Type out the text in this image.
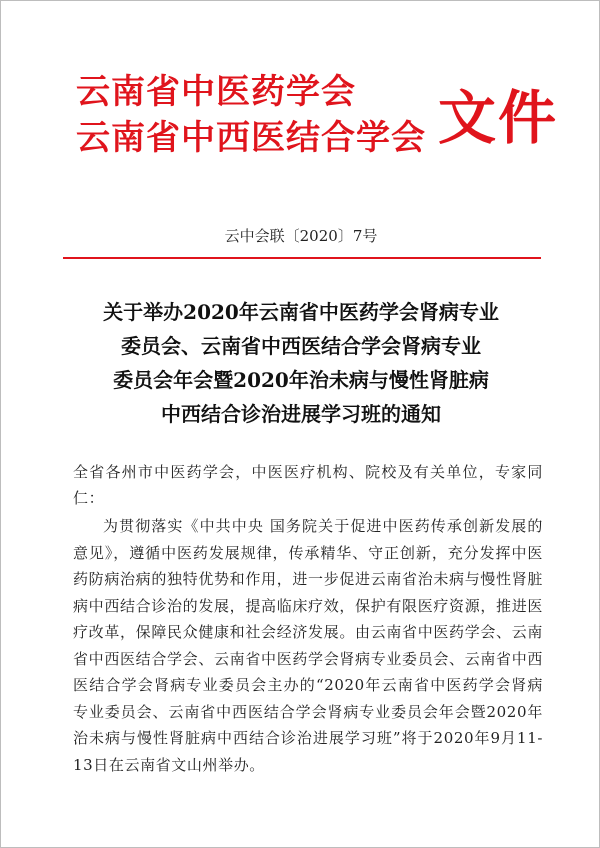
云南省中医药学会
云南省中西医结合学会 文件
云中会联〔2020〕7号
关于举办2020年云南省中医药学会肾病专业
委员会、云南省中西医结合学会肾病专业
委员会年会暨2020年治未病与慢性肾脏病
中西结合诊治进展学习班的通知
全省各州市中医药学会，中医医疗机构、院校及有关单位，专家同仁：
为贯彻落实《中共中央 国务院关于促进中医药传承创新发展的意见》，遵循中医药发展规律，传承精华、守正创新，充分发挥中医药防病治病的独特优势和作用，进一步促进云南省治未病与慢性肾脏病中西结合诊治的发展，提高临床疗效，保护有限医疗资源，推进医疗改革，保障民众健康和社会经济发展。由云南省中医药学会、云南省中西医结合学会、云南省中医药学会肾病专业委员会、云南省中西医结合学会肾病专业委员会主办的“2020年云南省中医药学会肾病专业委员会、云南省中西医结合学会肾病专业委员会年会暨2020年治未病与慢性肾脏病中西结合诊治进展学习班”将于2020年9月11-13日在云南省文山州举办。
